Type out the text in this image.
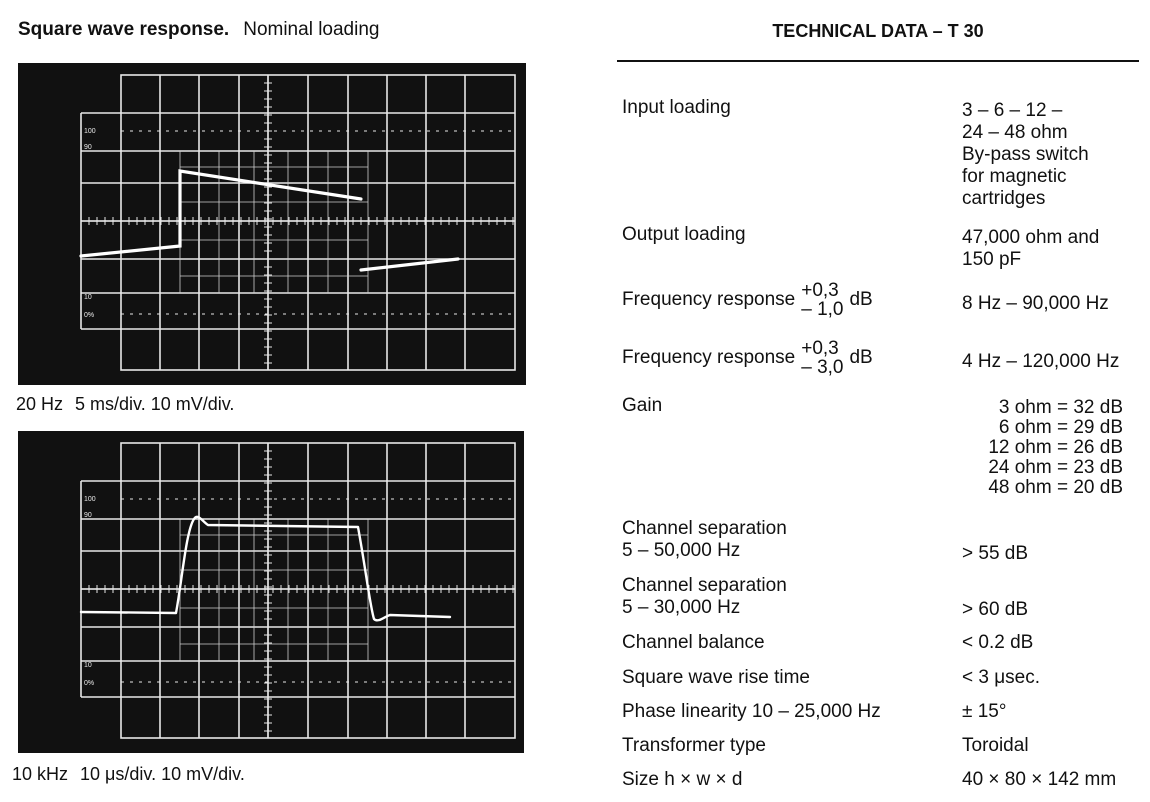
Square wave response. Nominal loading
100
90
10
0%
20 Hz 5 ms/div. 10 mV/div.
100
90
10
0%
10 kHz 10 μs/div. 10 mV/div.
TECHNICAL DATA – T 30
Input loading	3 – 6 – 12 –
24 – 48 ohm
By-pass switch
for magnetic
cartridges
Output loading	47,000 ohm and
150 pF
Frequency response +0,3
– 1,0 dB	8 Hz – 90,000 Hz
Frequency response +0,3
– 3,0 dB	4 Hz – 120,000 Hz
Gain	3 ohm = 32 dB
6 ohm = 29 dB
12 ohm = 26 dB
24 ohm = 23 dB
48 ohm = 20 dB
Channel separation
5 – 50,000 Hz	> 55 dB
Channel separation
5 – 30,000 Hz	> 60 dB
Channel balance	< 0.2 dB
Square wave rise time	< 3 μsec.
Phase linearity 10 – 25,000 Hz	± 15°
Transformer type	Toroidal
Size h × w × d	40 × 80 × 142 mm
